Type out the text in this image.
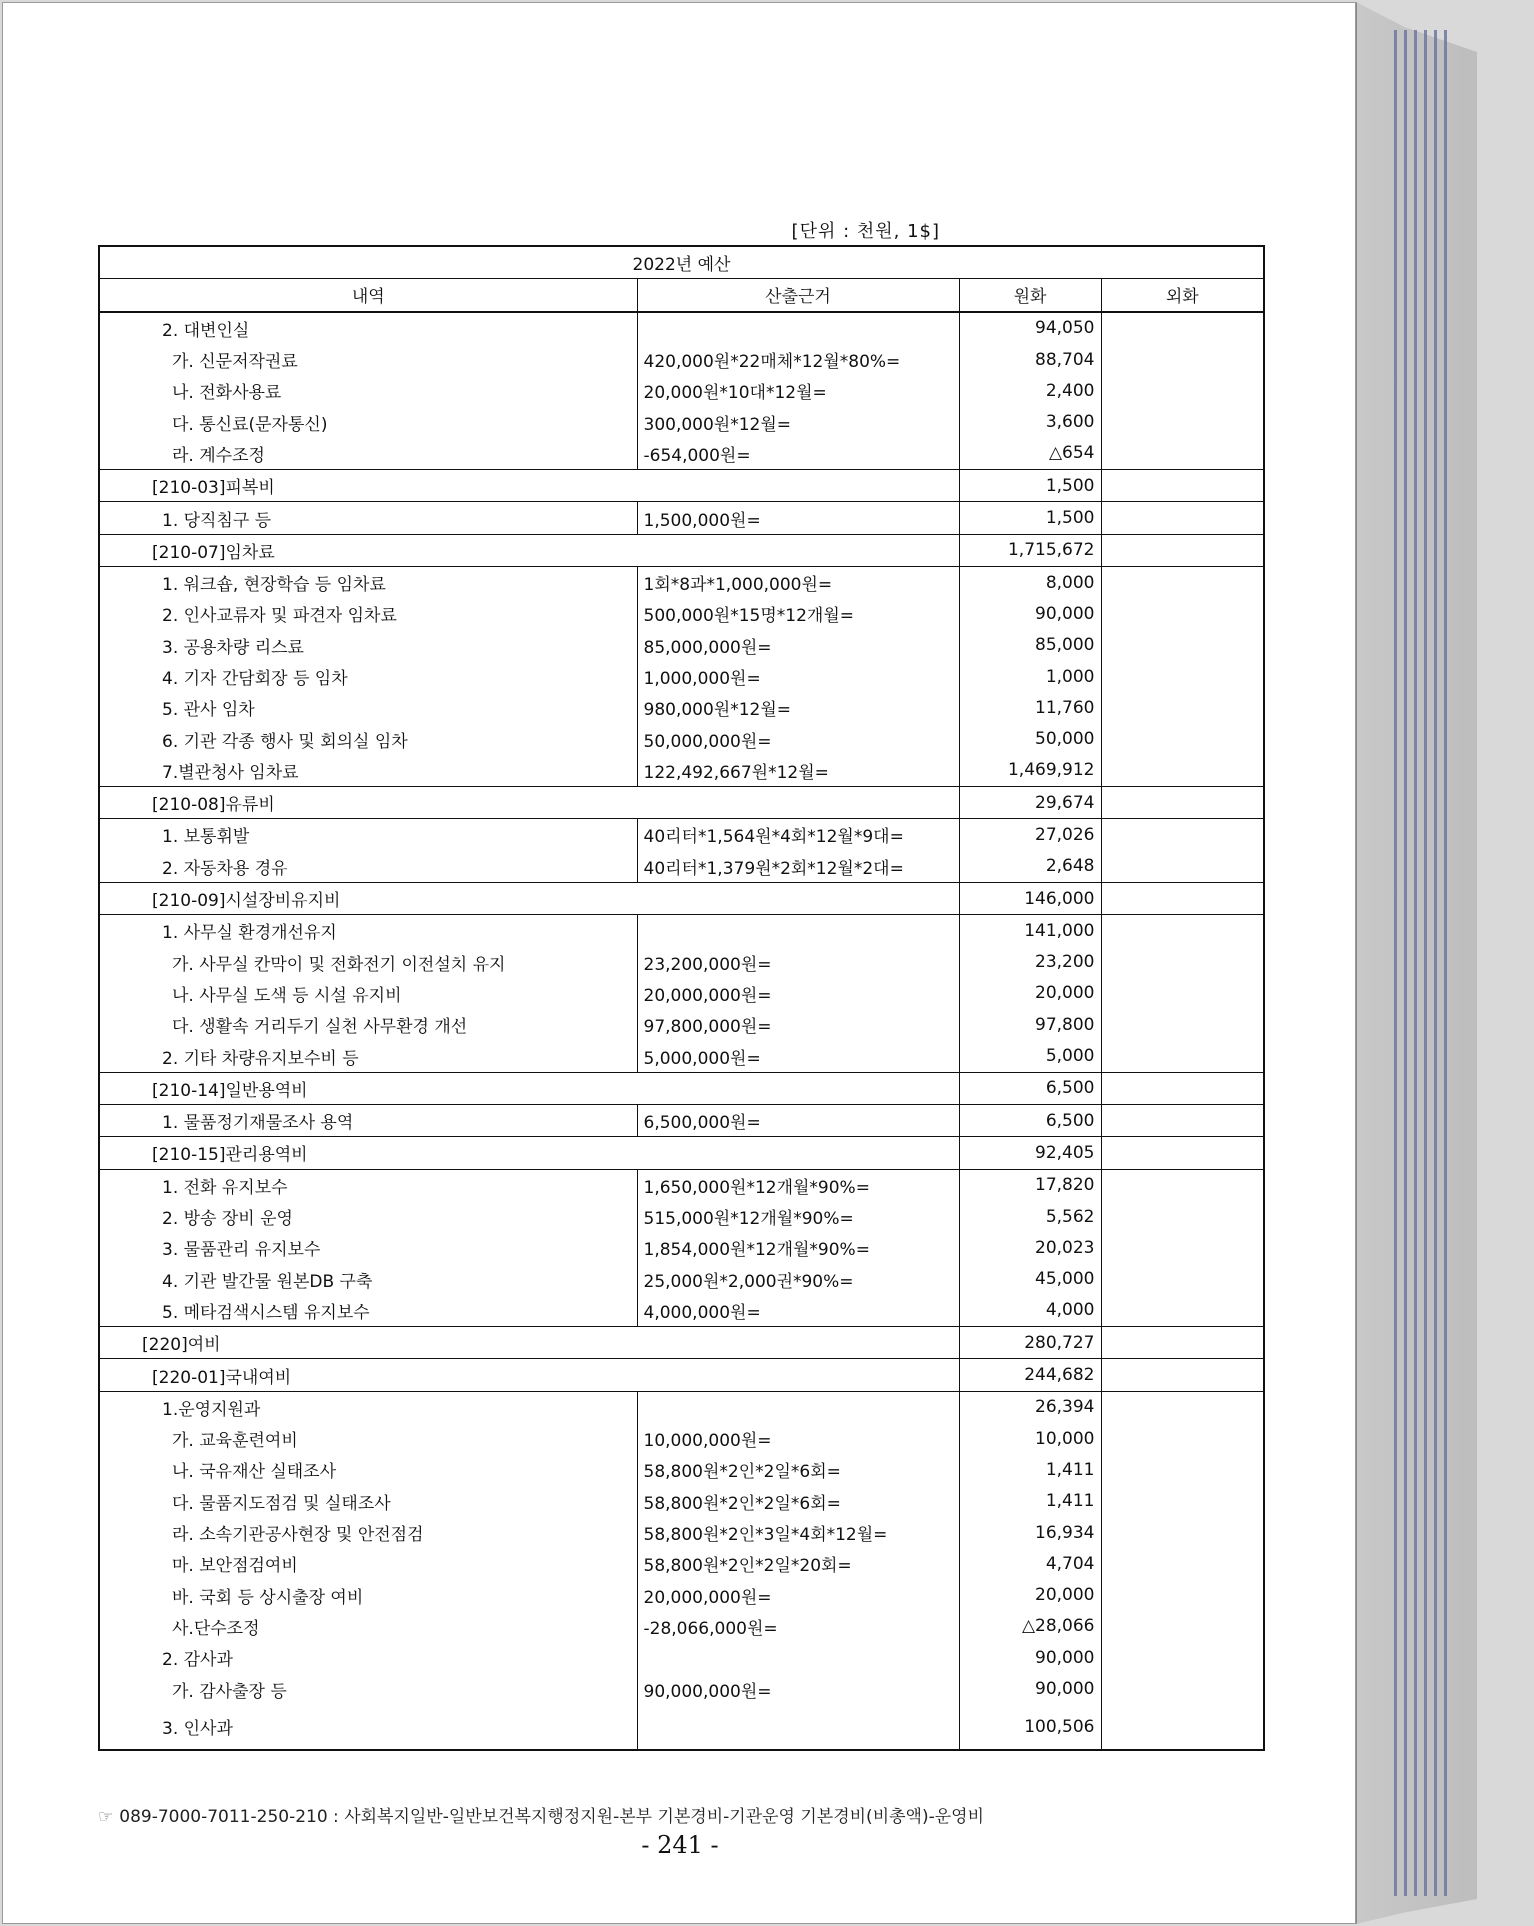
[단위 : 천원, 1$]
2022년 예산			
내역	산출근거	원화	외화
2. 대변인실		94,050	
가. 신문저작권료	420,000원*22매체*12월*80%=	88,704	
나. 전화사용료	20,000원*10대*12월=	2,400	
다. 통신료(문자통신)	300,000원*12월=	3,600	
라. 계수조정	-654,000원=	△654	
[210-03]피복비		1,500	
1. 당직침구 등	1,500,000원=	1,500	
[210-07]임차료		1,715,672	
1. 워크숍, 현장학습 등 임차료	1회*8과*1,000,000원=	8,000	
2. 인사교류자 및 파견자 임차료	500,000원*15명*12개월=	90,000	
3. 공용차량 리스료	85,000,000원=	85,000	
4. 기자 간담회장 등 임차	1,000,000원=	1,000	
5. 관사 임차	980,000원*12월=	11,760	
6. 기관 각종 행사 및 회의실 임차	50,000,000원=	50,000	
7.별관청사 임차료	122,492,667원*12월=	1,469,912	
[210-08]유류비		29,674	
1. 보통휘발	40리터*1,564원*4회*12월*9대=	27,026	
2. 자동차용 경유	40리터*1,379원*2회*12월*2대=	2,648	
[210-09]시설장비유지비		146,000	
1. 사무실 환경개선유지		141,000	
가. 사무실 칸막이 및 전화전기 이전설치 유지	23,200,000원=	23,200	
나. 사무실 도색 등 시설 유지비	20,000,000원=	20,000	
다. 생활속 거리두기 실천 사무환경 개선	97,800,000원=	97,800	
2. 기타 차량유지보수비 등	5,000,000원=	5,000	
[210-14]일반용역비		6,500	
1. 물품정기재물조사 용역	6,500,000원=	6,500	
[210-15]관리용역비		92,405	
1. 전화 유지보수	1,650,000원*12개월*90%=	17,820	
2. 방송 장비 운영	515,000원*12개월*90%=	5,562	
3. 물품관리 유지보수	1,854,000원*12개월*90%=	20,023	
4. 기관 발간물 원본DB 구축	25,000원*2,000권*90%=	45,000	
5. 메타검색시스템 유지보수	4,000,000원=	4,000	
[220]여비		280,727	
[220-01]국내여비		244,682	
1.운영지원과		26,394	
가. 교육훈련여비	10,000,000원=	10,000	
나. 국유재산 실태조사	58,800원*2인*2일*6회=	1,411	
다. 물품지도점검 및 실태조사	58,800원*2인*2일*6회=	1,411	
라. 소속기관공사현장 및 안전점검	58,800원*2인*3일*4회*12월=	16,934	
마. 보안점검여비	58,800원*2인*2일*20회=	4,704	
바. 국회 등 상시출장 여비	20,000,000원=	20,000	
사.단수조정	-28,066,000원=	△28,066	
2. 감사과		90,000	
가. 감사출장 등	90,000,000원=	90,000	
3. 인사과		100,506	
☞ 089-7000-7011-250-210 : 사회복지일반-일반보건복지행정지원-본부 기본경비-기관운영 기본경비(비총액)-운영비
- 241 -
